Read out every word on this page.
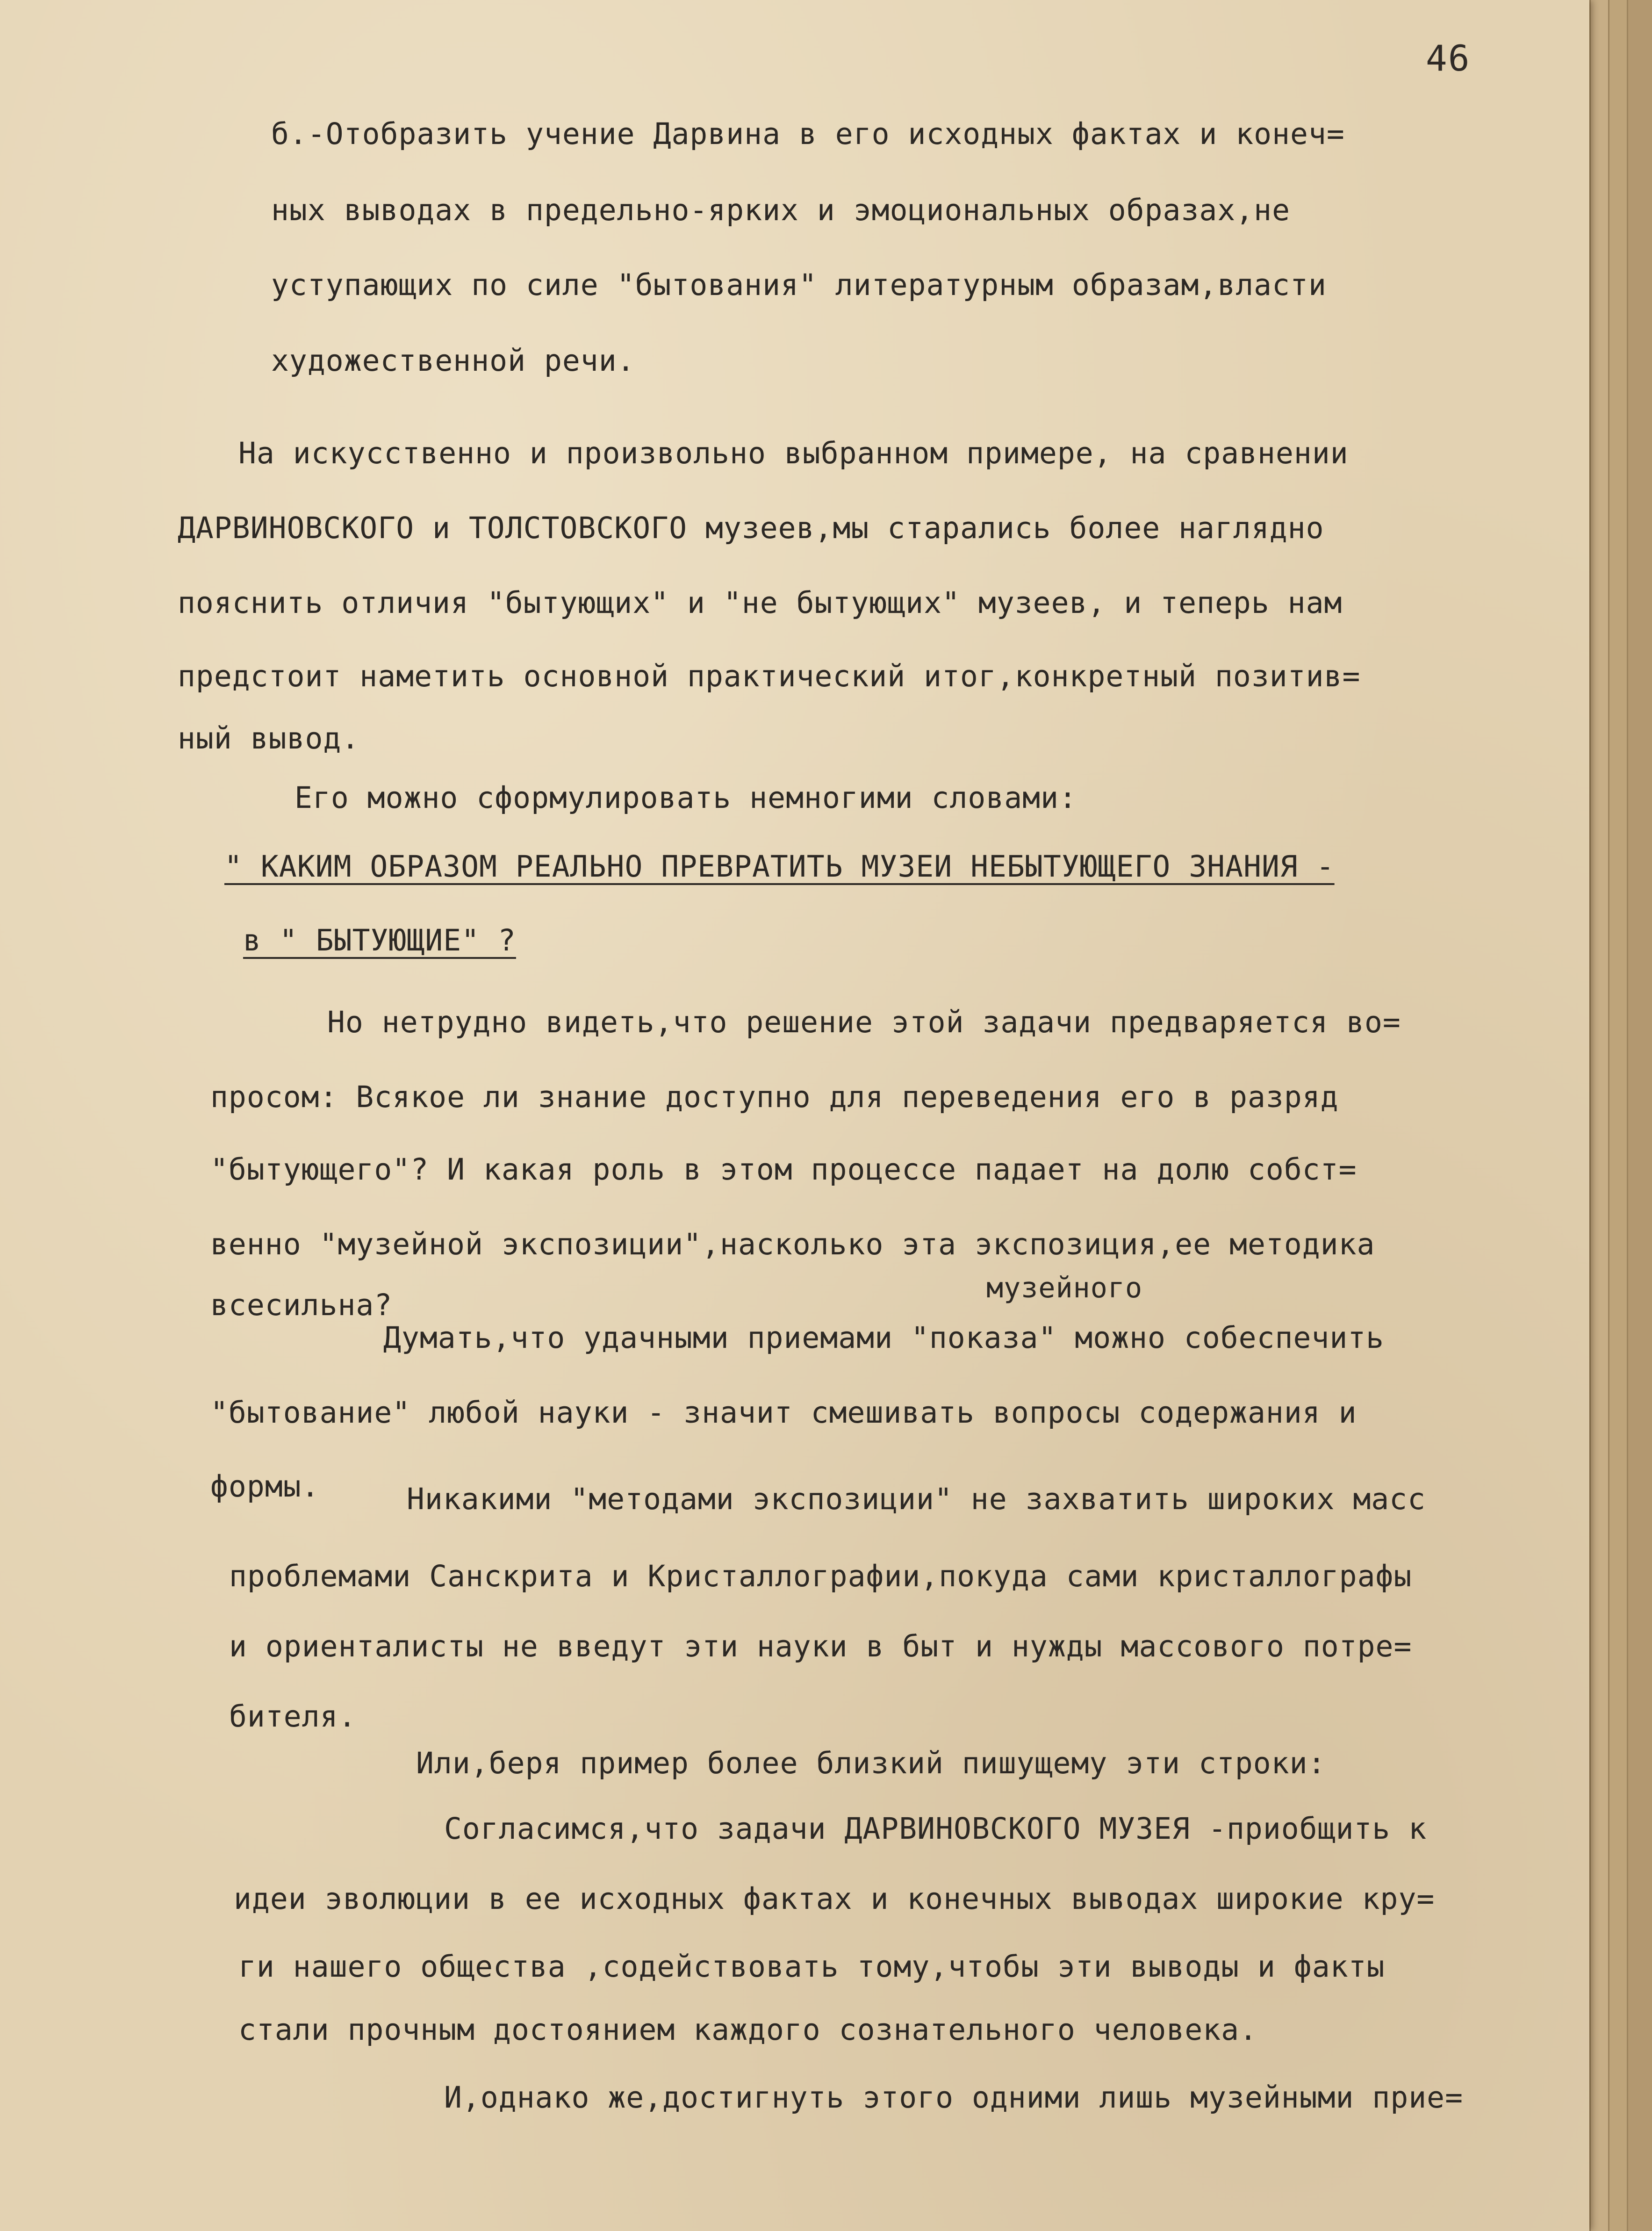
46
б.-Отобразить учение Дарвина в его исходных фактах и конеч=
ных выводах в предельно-ярких и эмоциональных образах,не
уступающих по силе "бытования" литературным образам,власти
художественной речи.
На искусственно и произвольно выбранном примере, на сравнении
ДАРВИНОВСКОГО и ТОЛСТОВСКОГО музеев,мы старались более наглядно
пояснить отличия "бытующих" и "не бытующих" музеев, и теперь нам
предстоит наметить основной практический итог,конкретный позитив=
ный вывод.
Его можно сформулировать немногими словами:
" КАКИМ ОБРАЗОМ РЕАЛЬНО ПРЕВРАТИТЬ МУЗЕИ НЕБЫТУЮЩЕГО ЗНАНИЯ -
в " БЫТУЮЩИЕ" ?
Но нетрудно видеть,что решение этой задачи предваряется во=
просом: Всякое ли знание доступно для переведения его в разряд
"бытующего"? И какая роль в этом процессе падает на долю собст=
венно "музейной экспозиции",насколько эта экспозиция,ее методика
всесильна?	музейного
Думать,что удачными приемами "показа" можно собеспечить
"бытование" любой науки - значит смешивать вопросы содержания и
формы.	Никакими "методами экспозиции" не захватить широких масс
проблемами Санскрита и Кристаллографии,покуда сами кристаллографы
и ориенталисты не введут эти науки в быт и нужды массового потре=
бителя.
Или,беря пример более близкий пишущему эти строки:
Согласимся,что задачи ДАРВИНОВСКОГО МУЗЕЯ -приобщить к
идеи эволюции в ее исходных фактах и конечных выводах широкие кру=
ги нашего общества ,содействовать тому,чтобы эти выводы и факты
стали прочным достоянием каждого сознательного человека.
И,однако же,достигнуть этого одними лишь музейными прие=
